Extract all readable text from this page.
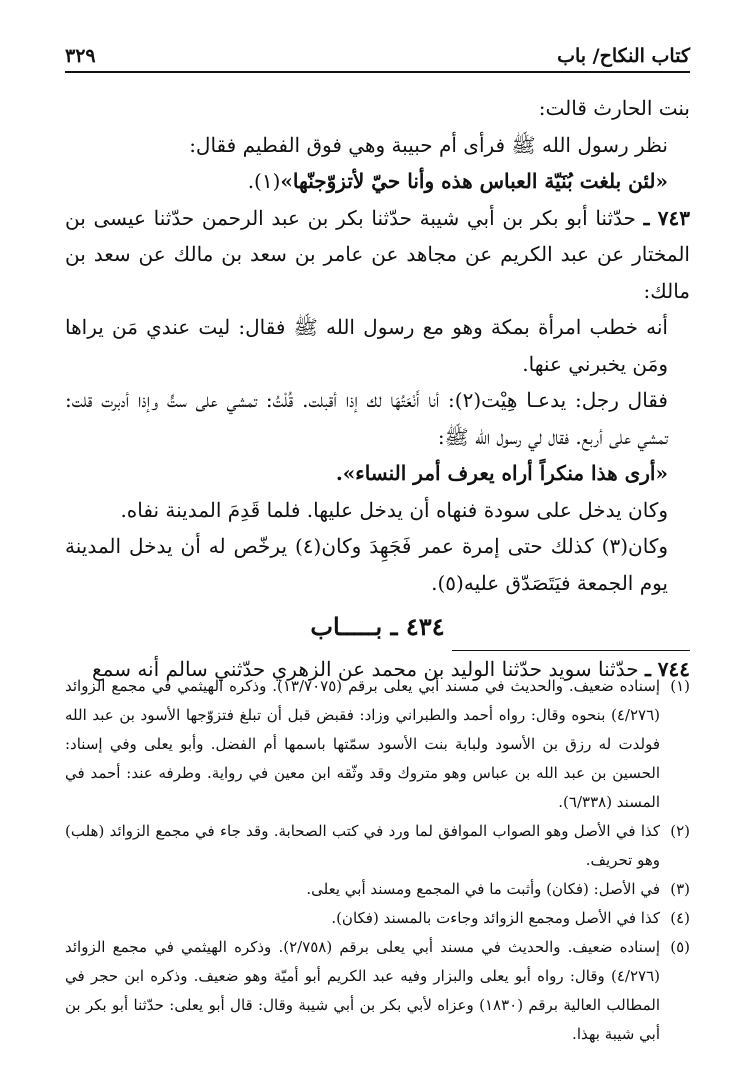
كتاب النكاح/ باب
٣٢٩

بنت الحارث قالت:

نظر رسول الله ﷺ فرأى أم حبيبة وهي فوق الفطيم فقال:

«لئن بلغت بُنَيّة العباس هذه وأنا حيّ لأتزوّجنّها»(١).

٧٤٣ ـ حدّثنا أبو بكر بن أبي شيبة حدّثنا بكر بن عبد الرحمن حدّثنا عيسى بن المختار عن عبد الكريم عن مجاهد عن عامر بن سعد بن مالك عن سعد بن مالك:

أنه خطب امرأة بمكة وهو مع رسول الله ﷺ فقال: ليت عندي مَن يراها ومَن يخبرني عنها.

فقال رجل: يدعـا هِيْت(٢): أنا أَنْعَتُهَا لك إذا أقبلت. قُلْتُ: تمشي على ستٍّ وإذا أدبرت قلت: تمشي على أربع. فقال لي رسول الله ﷺ:

«أرى هذا منكراً أراه يعرف أمر النساء».

وكان يدخل على سودة فنهاه أن يدخل عليها. فلما قَدِمَ المدينة نفاه.

وكان(٣) كذلك حتى إمرة عمر فَجَهِدَ وكان(٤) يرخّص له أن يدخل المدينة يوم الجمعة فيَتَصَدّق عليه(٥).

٤٣٤ ـ بـــــاب

٧٤٤ ـ حدّثنا سويد حدّثنا الوليد بن محمد عن الزهري حدّثني سالم أنه سمع

(١)إسناده ضعيف. والحديث في مسند أبي يعلى برقم (١٣/٧٠٧٥). وذكره الهيثمي في مجمع الزوائد (٤/٢٧٦) بنحوه وقال: رواه أحمد والطبراني وزاد: فقبض قبل أن تبلغ فتزوّجها الأسود بن عبد الله فولدت له رزق بن الأسود ولبابة بنت الأسود سمّتها باسمها أم الفضل. وأبو يعلى وفي إسناد: الحسين بن عبد الله بن عباس وهو متروك وقد وثّقه ابن معين في رواية. وطرفه عند: أحمد في المسند (٦/٣٣٨).

(٢)كذا في الأصل وهو الصواب الموافق لما ورد في كتب الصحابة. وقد جاء في مجمع الزوائد (هلب) وهو تحريف.

(٣)في الأصل: (فكان) وأثبت ما في المجمع ومسند أبي يعلى.

(٤)كذا في الأصل ومجمع الزوائد وجاءت بالمسند (فكان).

(٥)إسناده ضعيف. والحديث في مسند أبي يعلى برقم (٢/٧٥٨). وذكره الهيثمي في مجمع الزوائد (٤/٢٧٦) وقال: رواه أبو يعلى والبزار وفيه عبد الكريم أبو أميّة وهو ضعيف. وذكره ابن حجر في المطالب العالية برقم (١٨٣٠) وعزاه لأبي بكر بن أبي شيبة وقال: قال أبو يعلى: حدّثنا أبو بكر بن أبي شيبة بهذا.
